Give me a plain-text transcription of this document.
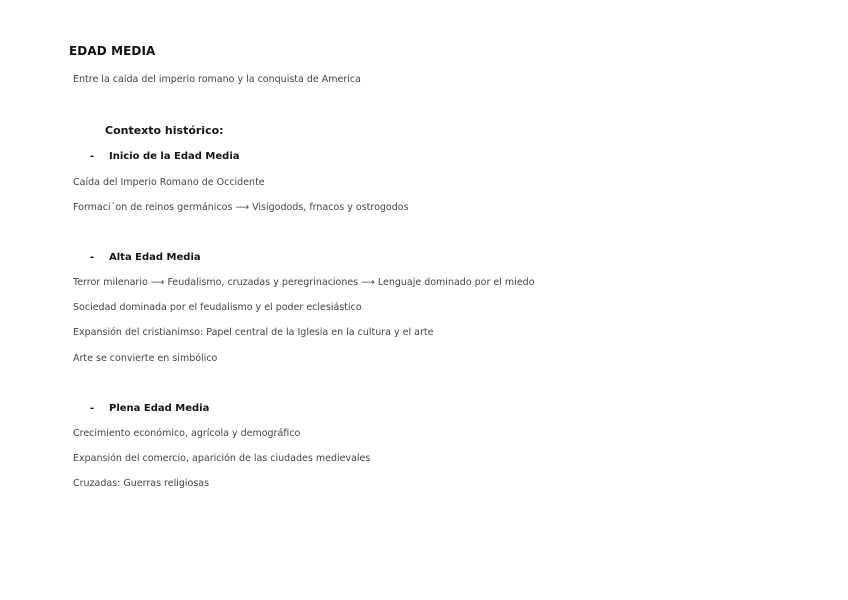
EDAD MEDIA
Entre la caída del imperio romano y la conquista de America
Contexto histórico:
- Inicio de la Edad Media
Caída del Imperio Romano de Occidente
Formaci´on de reinos germánicos ⟶ Visigodods, frnacos y ostrogodos
- Alta Edad Media
Terror milenario ⟶ Feudalismo, cruzadas y peregrinaciones ⟶ Lenguaje dominado por el miedo
Sociedad dominada por el feudalismo y el poder eclesiástico
Expansión del cristianimso: Papel central de la Iglesia en la cultura y el arte
Arte se convierte en simbólico
- Plena Edad Media
Crecimiento económico, agrícola y demográfico
Expansión del comercio, aparición de las ciudades medievales
Cruzadas: Guerras religiosas
